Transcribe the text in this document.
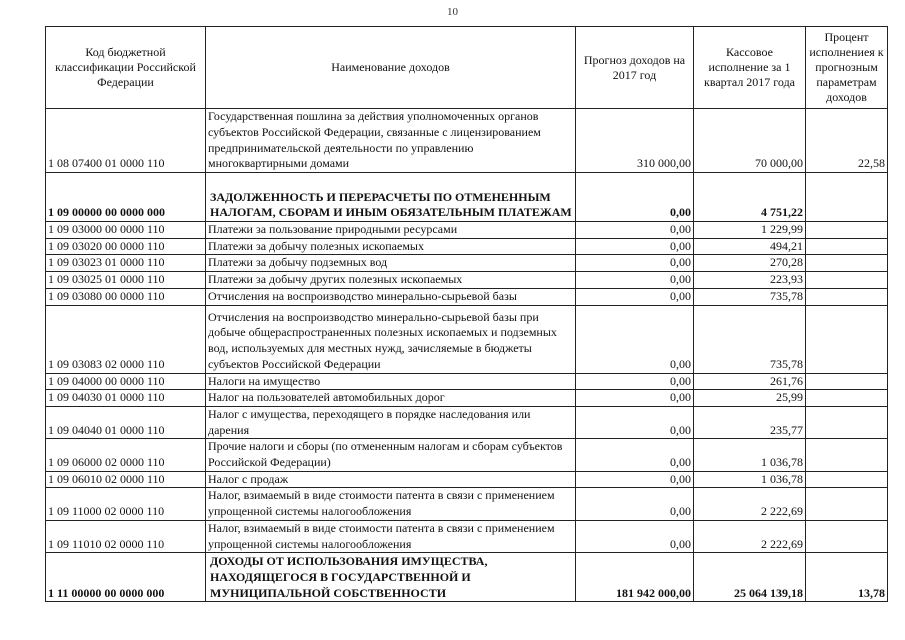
10
Код бюджетной классификации Российской Федерации	Наименование доходов	Прогноз доходов на 2017 год	Кассовое исполнение за 1 квартал 2017 года	Процент исполнениея к прогнозным параметрам доходов
1 08 07400 01 0000 110	Государственная пошлина за действия уполномоченных органов субъектов Российской Федерации, связанные с лицензированием предпринимательской деятельности по управлению многоквартирными домами	310 000,00	70 000,00	22,58
1 09 00000 00 0000 000	ЗАДОЛЖЕННОСТЬ И ПЕРЕРАСЧЕТЫ ПО ОТМЕНЕННЫМ НАЛОГАМ, СБОРАМ И ИНЫМ ОБЯЗАТЕЛЬНЫМ ПЛАТЕЖАМ	0,00	4 751,22	
1 09 03000 00 0000 110	Платежи за пользование природными ресурсами	0,00	1 229,99	
1 09 03020 00 0000 110	Платежи за добычу полезных ископаемых	0,00	494,21	
1 09 03023 01 0000 110	Платежи за добычу подземных вод	0,00	270,28	
1 09 03025 01 0000 110	Платежи за добычу других полезных ископаемых	0,00	223,93	
1 09 03080 00 0000 110	Отчисления на воспроизводство минерально-сырьевой базы	0,00	735,78	
1 09 03083 02 0000 110	Отчисления на воспроизводство минерально-сырьевой базы при добыче общераспространенных полезных ископаемых и подземных вод, используемых для местных нужд, зачисляемые в бюджеты субъектов Российской Федерации	0,00	735,78	
1 09 04000 00 0000 110	Налоги на имущество	0,00	261,76	
1 09 04030 01 0000 110	Налог на пользователей автомобильных дорог	0,00	25,99	
1 09 04040 01 0000 110	Налог с имущества, переходящего в порядке наследования или дарения	0,00	235,77	
1 09 06000 02 0000 110	Прочие налоги и сборы (по отмененным налогам и сборам субъектов Российской Федерации)	0,00	1 036,78	
1 09 06010 02 0000 110	Налог с продаж	0,00	1 036,78	
1 09 11000 02 0000 110	Налог, взимаемый в виде стоимости патента в связи с применением упрощенной системы налогообложения	0,00	2 222,69	
1 09 11010 02 0000 110	Налог, взимаемый в виде стоимости патента в связи с применением упрощенной системы налогообложения	0,00	2 222,69	
1 11 00000 00 0000 000	ДОХОДЫ ОТ ИСПОЛЬЗОВАНИЯ ИМУЩЕСТВА, НАХОДЯЩЕГОСЯ В ГОСУДАРСТВЕННОЙ И МУНИЦИПАЛЬНОЙ СОБСТВЕННОСТИ	181 942 000,00	25 064 139,18	13,78
